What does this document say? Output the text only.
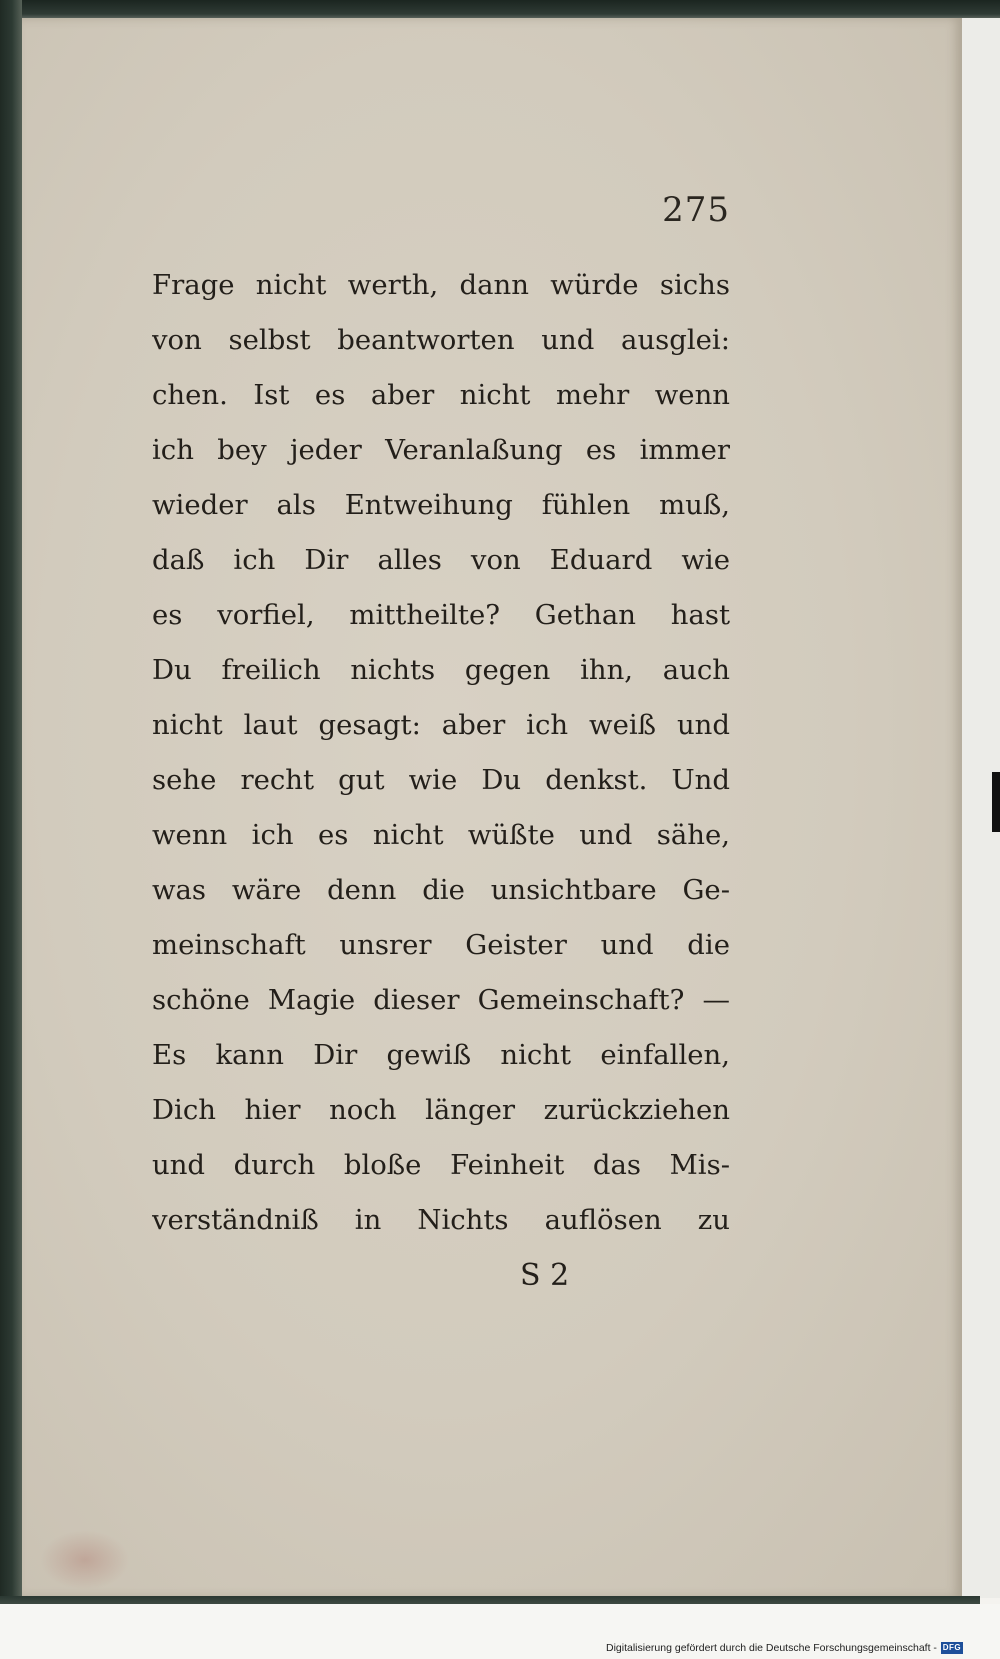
275
Frage nicht werth, dann würde sichs
von selbst beantworten und ausglei:
chen. Ist es aber nicht mehr wenn
ich bey jeder Veranlaßung es immer
wieder als Entweihung fühlen muß,
daß ich Dir alles von Eduard wie
es vorfiel, mittheilte? Gethan hast
Du freilich nichts gegen ihn, auch
nicht laut gesagt: aber ich weiß und
sehe recht gut wie Du denkst. Und
wenn ich es nicht wüßte und sähe,
was wäre denn die unsichtbare Ge-
meinschaft unsrer Geister und die
schöne Magie dieser Gemeinschaft? —
Es kann Dir gewiß nicht einfallen,
Dich hier noch länger zurückziehen
und durch bloße Feinheit das Mis-
verständniß in Nichts auflösen zu
S 2
Digitalisierung gefördert durch die Deutsche Forschungsgemeinschaft - DFG
